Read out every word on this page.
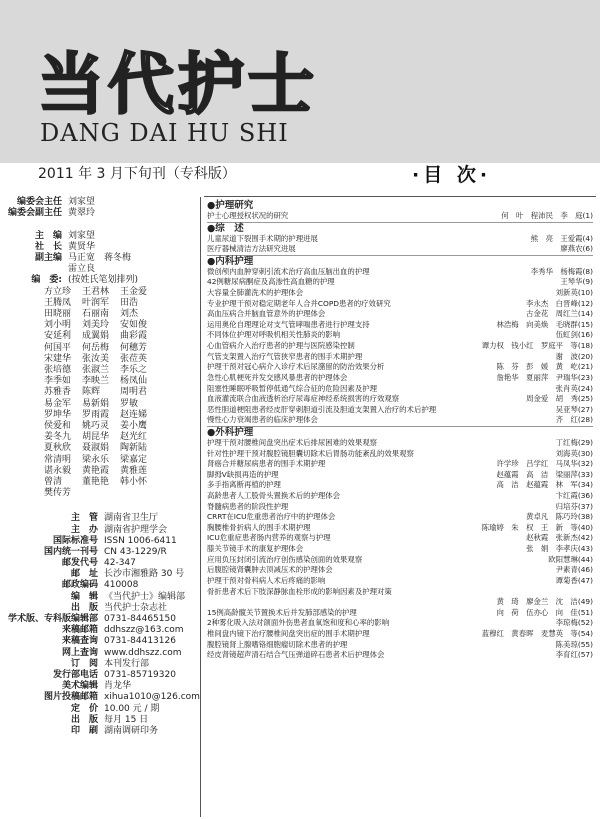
当代护士
DANG DAI HU SHI
2011 年 3 月下旬刊（专科版）	·目 次·
编委会主任 刘家望
编委会副主任 黄翠玲
主　编 刘家望
社　长 黄贤华
副主编 马正宽　蒋冬梅
雷立良
编　委: (按姓氏笔划排列)
方立珍	王君林	王金爱
王腾凤	叶润军	田浩
田晓丽	石丽南	刘杰
刘小明	刘美玲	安如俊
安延利	成翼娟	曲彩霞
何国平	何岳梅	何穗芳
宋建华	张汝美	张莅英
张培德	张淑兰	李乐之
李季如	李映兰	杨凤仙
苏雅香	陈辉	周明君
易金军	易新娟	罗敏
罗坤华	罗雨霞	赵连娣
侯爱和	姚巧灵	姜小鹰
姜冬九	胡昆华	赵光红
夏秋欣	聂淑娟	陶新陆
常清明	梁永乐	梁嘉定
谌永毅	黄艳霞	黄雅莲
曾清	董艳艳	韩小怀
樊传芳
主　管 湖南省卫生厅
主　办 湖南省护理学会
国际标准号 ISSN 1006-6411
国内统一刊号 CN 43-1229/R
邮发代号 42-347
邮　址 长沙市湘雅路 30 号
邮政编码 410008
编　辑 《当代护士》编辑部
出　版 当代护士杂志社
学术版、专科版编辑部 0731-84465150
来稿邮箱 ddhszz@163.com
来稿查询 0731-84413126
网上查询 www.ddhszz.com
订　阅 本刊发行部
发行部电话 0731-85719320
美术编辑 肖龙华
图片投稿邮箱 xihua1010@126.com
定　价 10.00 元 / 期
出　版 每月 15 日
印　刷 湖南调研印务
●护理研究
护士心理授权状况的研究	何　叶　程沛民　李　庭(1)
●综　述
儿童尿道下裂围手术期的护理进展	熊　亮　王爱霞(4)
医疗器械清洁方法研究进展	廖燕农(6)
●内科护理
微创颅内血肿穿刺引流术治疗高血压脑出血的护理	李秀华　杨梅霞(8)
42例糖尿病酮症及高渗性高血糖的护理	王琴华(9)
大容量全肺灌洗术的护理体会	刘新英(10)
专业护理干预对稳定期老年人合并COPD患者的疗效研究	李永杰　白晋峰(12)
高血压病合并脑血管意外的护理体会	古金花　周红兰(14)
运用奥伦自理理论对支气管哮喘患者进行护理支持	林浩梅　向美焕　毛晓群(15)
不同体位护理对呼吸机相关性肺炎的影响	伍虹剑(16)
心血管病介入治疗患者的护理与医院感染控制	谭力权　钱小红　罗庭平　等(18)
气管支架置入治疗气管狭窄患者的围手术期护理	谢　波(20)
护理干预对冠心病介入诊疗术后尿潴留的防治效果分析	陈　芬　彭　媛　黄　屹(21)
急性心肌梗死并发交感风暴患者的护理体会	詹艳华　夏丽萍　尹瑞华(23)
阻塞性睡眠呼吸暂停低通气综合征的危险因素及护理	张肖英(24)
血液灌流联合血液透析治疗尿毒症神经系统损害的疗效观察	周金爱　胡　秀(25)
恶性胆道梗阻患者经皮肝穿刺胆道引流及胆道支架置入治疗的术后护理	吴亚琴(27)
慢性心力衰竭患者的临床护理体会	齐　红(28)
●外科护理
护理干预对腰椎间盘突出症术后排尿困难的效果观察	丁红梅(29)
针对性护理干预对腹腔镜胆囊切除术后胃肠功能紊乱的效果观察	刘海英(30)
肾癌合并糖尿病患者的围手术期护理	许学珍　吕学红　马凤华(32)
脚拇Ⅴ缺损再造的护理	赵蕴霞　高　洁　梁丽萍(33)
多手指离断再植的护理	高　洁　赵蕴霞　林　军(34)
高龄患者人工股骨头置换术后的护理体会	卞红霞(36)
脊髓病患者的阶段性护理	归培芬(37)
CRRT在ICU危重患者治疗中的护理体会	黄卓凡　陈巧玲(38)
胸腰椎骨折病人的围手术期护理	陈瑜婷　朱　权　王　新　等(40)
ICU危重症患者肠内营养的观察与护理	赵秋霞　张新杰(42)
膝关节镜手术的康复护理体会	张　娟　李孝庆(43)
应用负压封闭引流治疗创伤感染创面的效果观察	欧阳慧琳(44)
后腹腔镜肾囊肿去顶减压术的护理体会	尹素青(46)
护理干预对骨科病人术后疼痛的影响	谭菊香(47)
骨折患者术后下肢深静脉血栓形成的影响因素及护理对策
黄　琦　廖金兰　沈　洁(49)
15例高龄髋关节置换术后并发肺部感染的护理	向　荷　伍亦心　向　佳(51)
2种雾化吸入法对颌面外伤患者血氧饱和度和心率的影响	李琼梅(52)
椎间盘内镜下治疗腰椎间盘突出症的围手术期护理	蓝穆红　黄春晖　麦慧英　等(54)
腹腔镜肾上腺嗜铬细胞瘤切除术患者的护理	陈美琼(55)
经皮肾镜超声清石结合气压弹道碎石患者术后护理体会	李育红(57)
